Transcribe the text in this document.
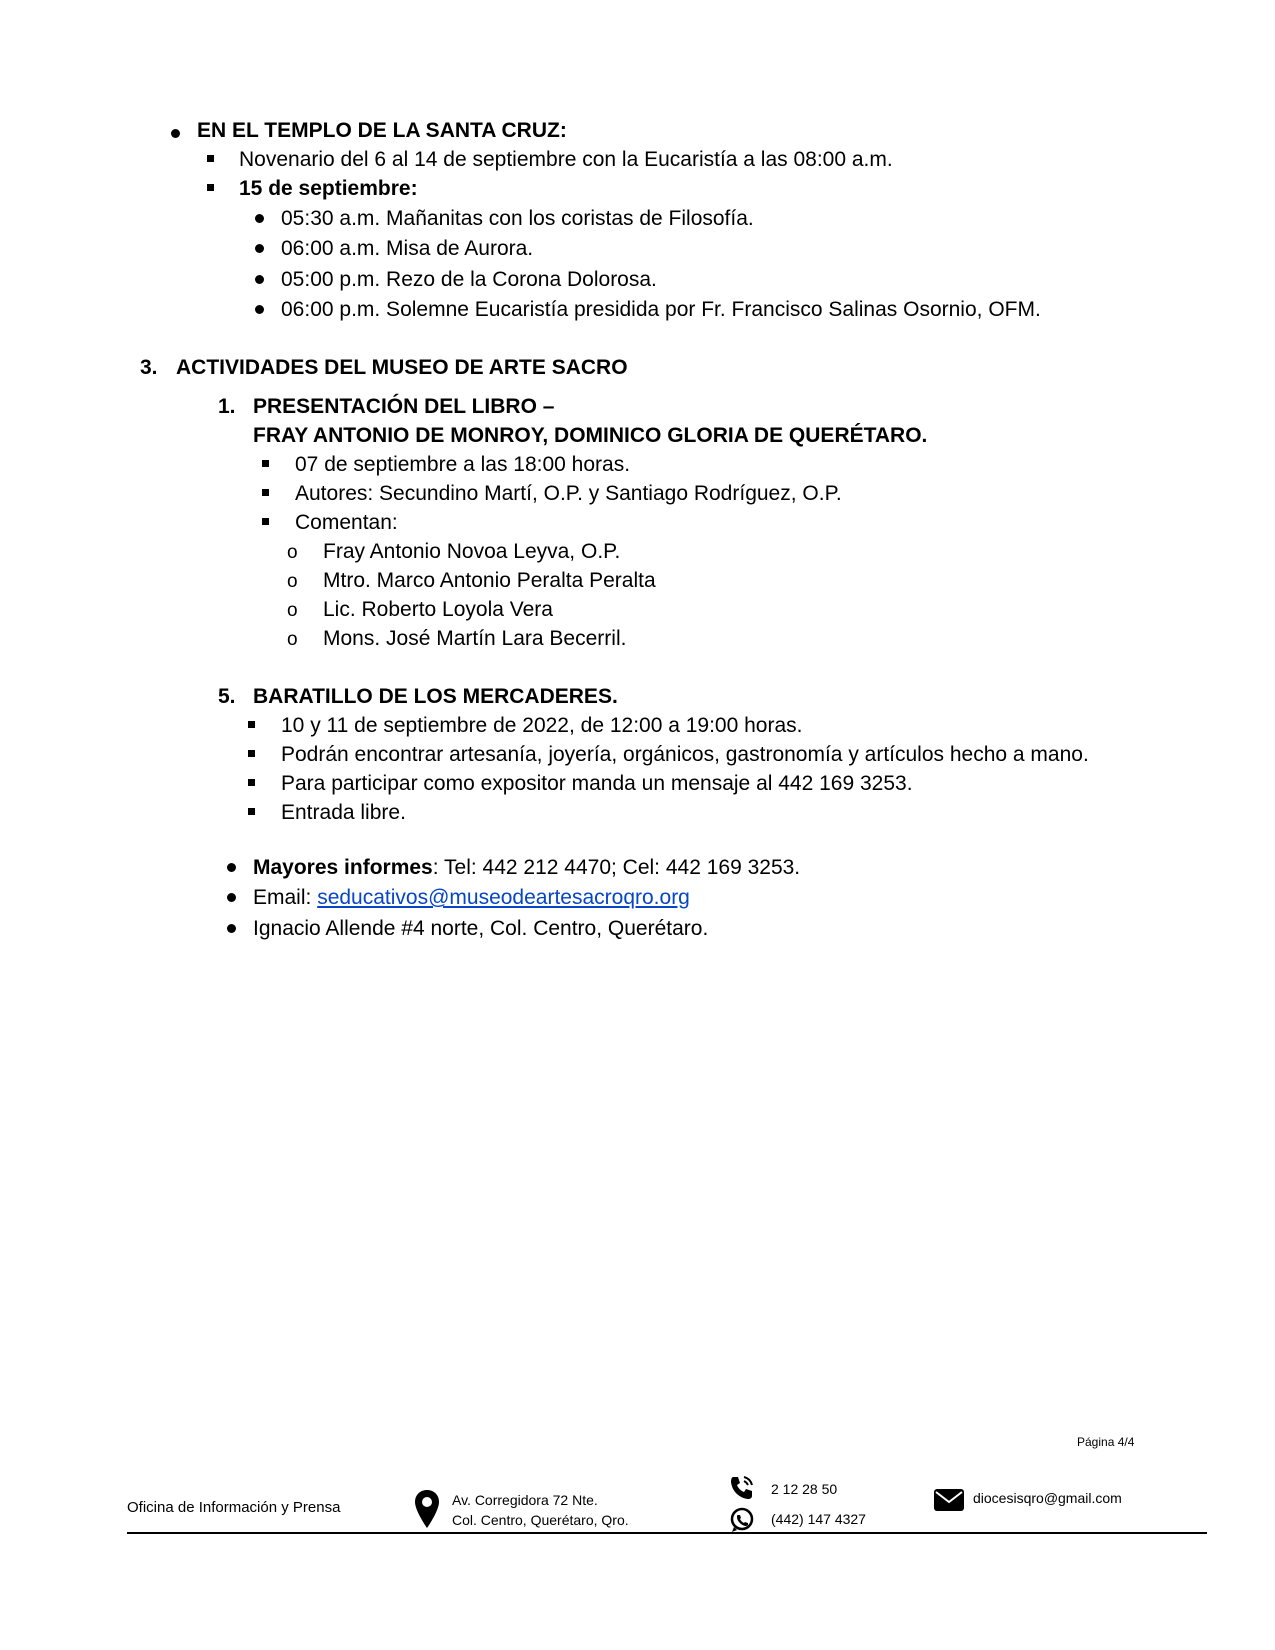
EN EL TEMPLO DE LA SANTA CRUZ:
Novenario del 6 al 14 de septiembre con la Eucaristía a las 08:00 a.m.
15 de septiembre:
05:30 a.m. Mañanitas con los coristas de Filosofía.
06:00 a.m. Misa de Aurora.
05:00 p.m. Rezo de la Corona Dolorosa.
06:00 p.m. Solemne Eucaristía presidida por Fr. Francisco Salinas Osornio, OFM.
3. ACTIVIDADES DEL MUSEO DE ARTE SACRO
1. PRESENTACIÓN DEL LIBRO –
FRAY ANTONIO DE MONROY, DOMINICO GLORIA DE QUERÉTARO.
07 de septiembre a las 18:00 horas.
Autores: Secundino Martí, O.P. y Santiago Rodríguez, O.P.
Comentan:
o Fray Antonio Novoa Leyva, O.P.
o Mtro. Marco Antonio Peralta Peralta
o Lic. Roberto Loyola Vera
o Mons. José Martín Lara Becerril.
5. BARATILLO DE LOS MERCADERES.
10 y 11 de septiembre de 2022, de 12:00 a 19:00 horas.
Podrán encontrar artesanía, joyería, orgánicos, gastronomía y artículos hecho a mano.
Para participar como expositor manda un mensaje al 442 169 3253.
Entrada libre.
Mayores informes: Tel: 442 212 4470; Cel: 442 169 3253.
Email: seducativos@museodeartesacroqro.org
Ignacio Allende #4 norte, Col. Centro, Querétaro.
Página 4/4
Oficina de Información y Prensa	Av. Corregidora 72 Nte.
Col. Centro, Querétaro, Qro.
2 12 28 50
(442) 147 4327
diocesisqro@gmail.com
